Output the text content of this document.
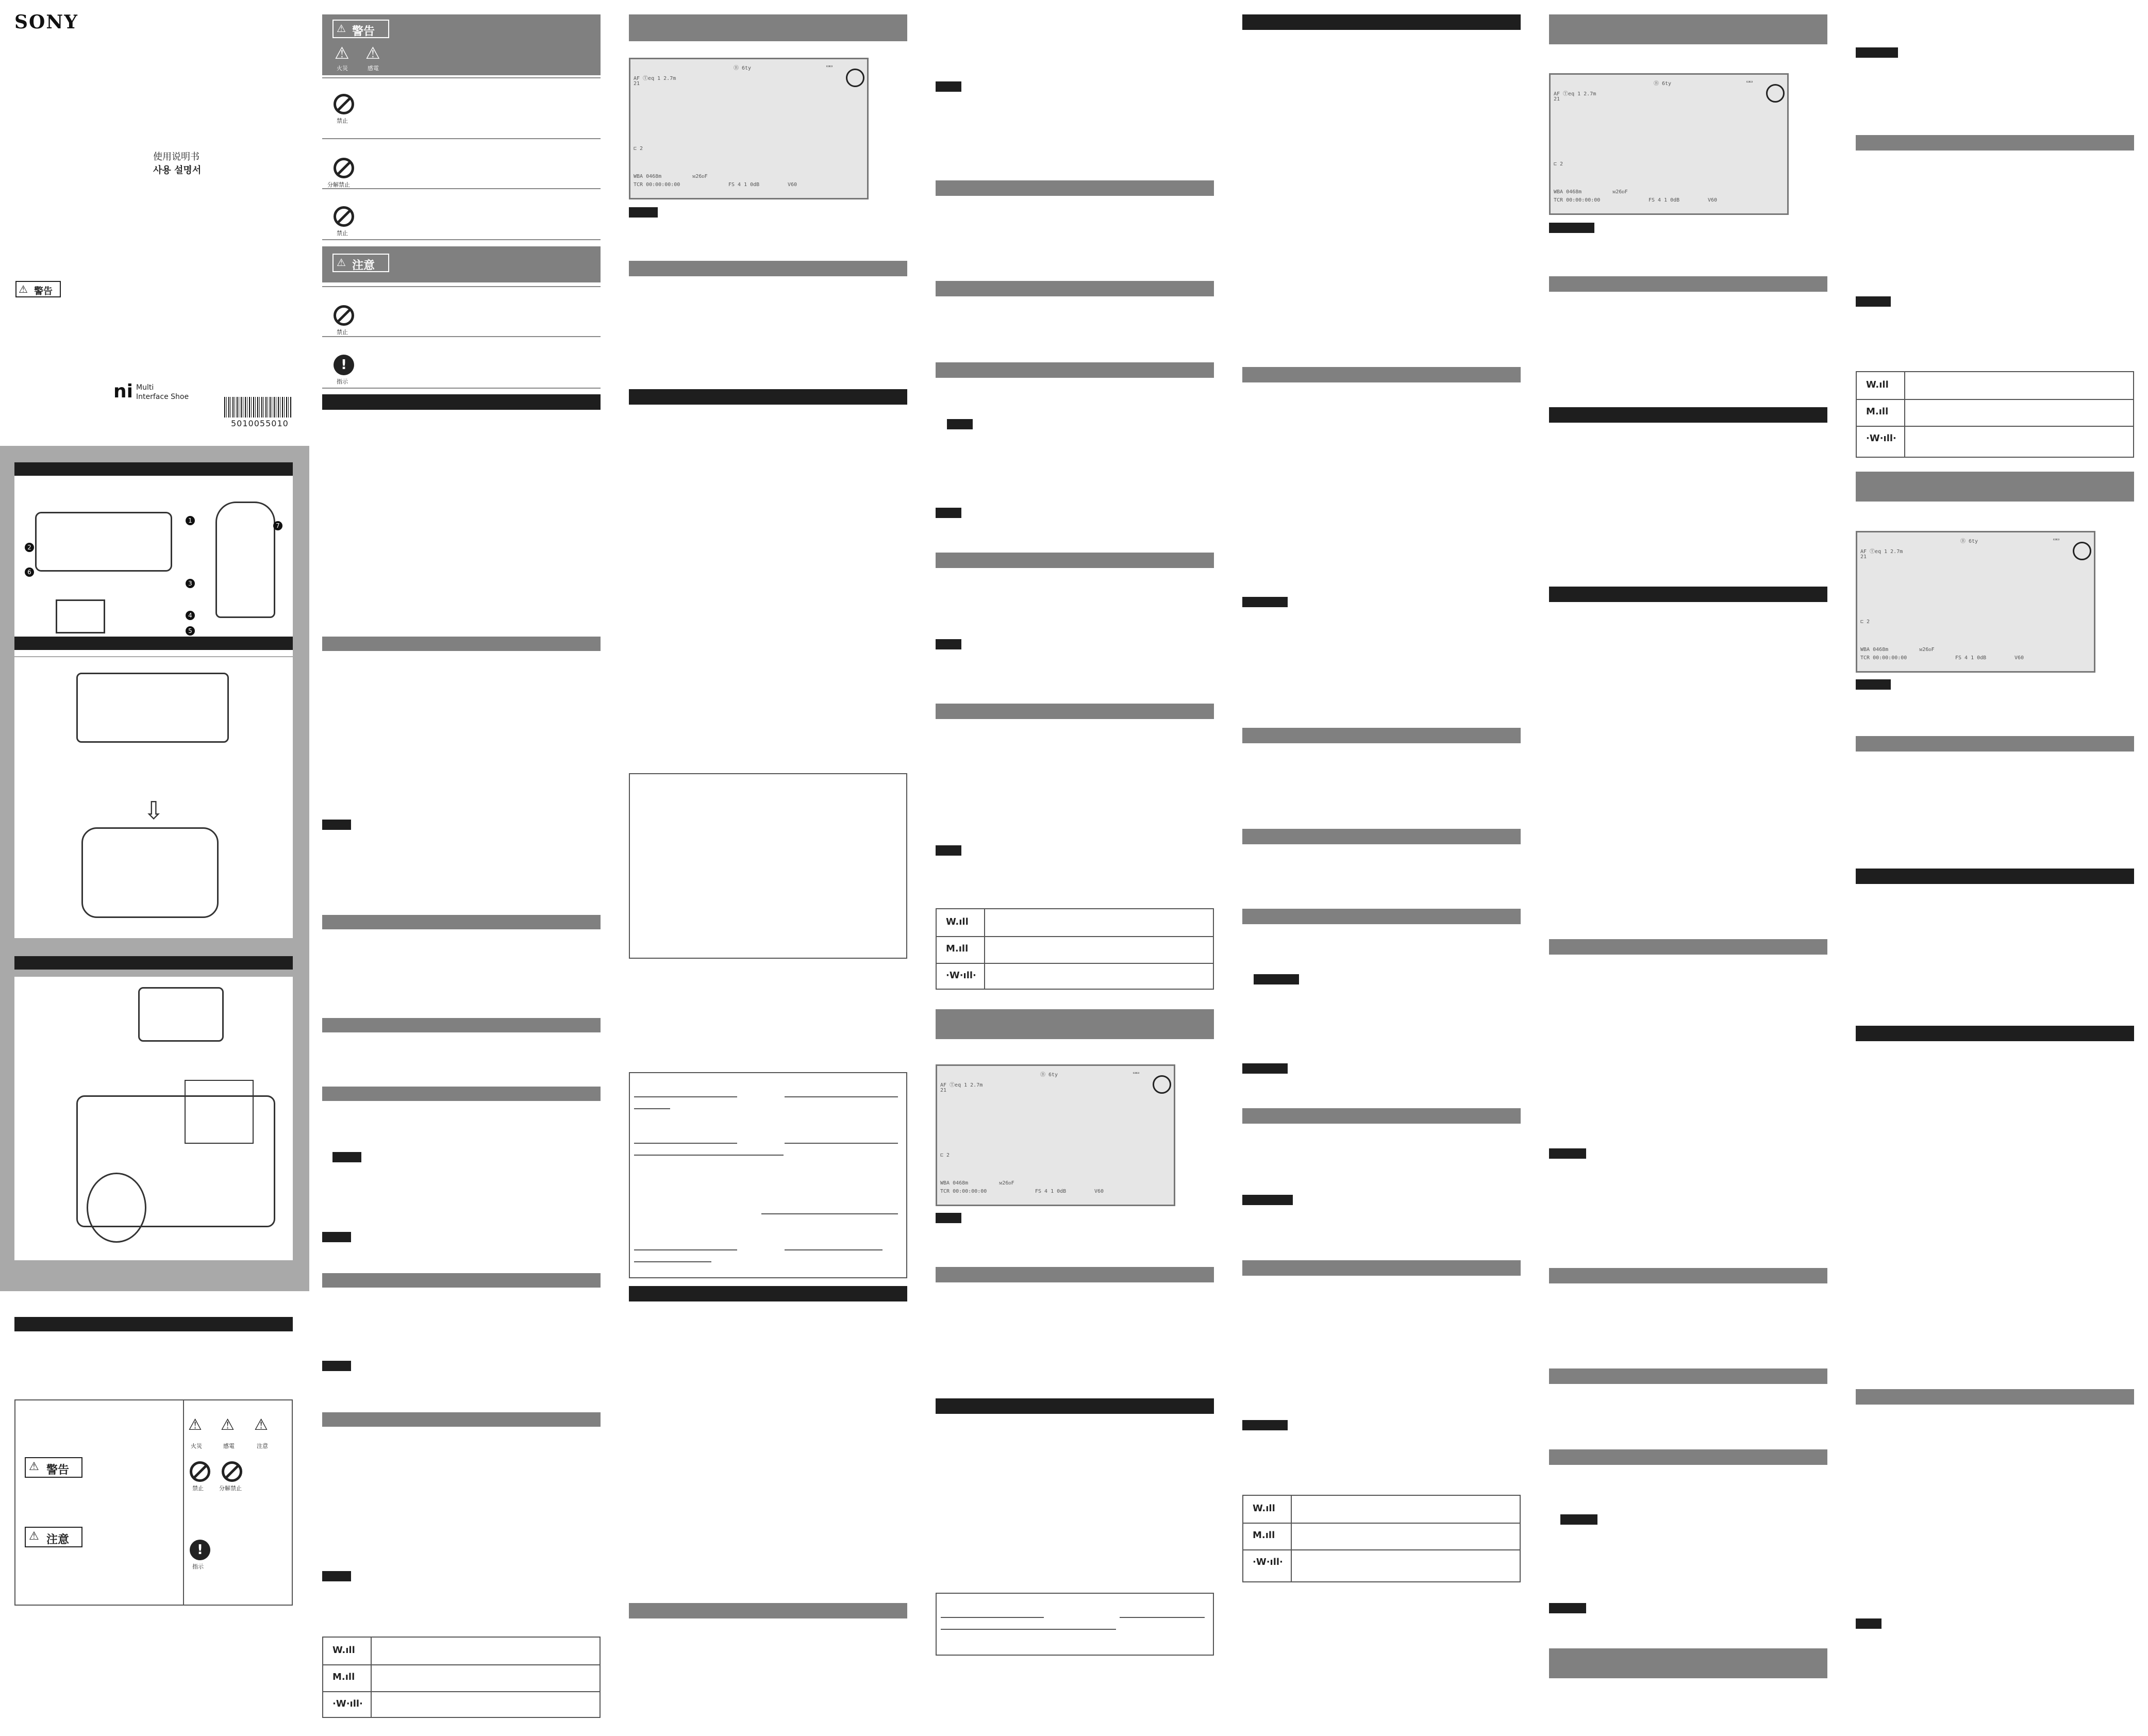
SONY
使用说明书
사용 설명서
⚠ 警告
ni Multi
Interface Shoe
5010055010
1
2
3
4
5
6
7
⇩
⚠ 警告
⚠ 注意
⚠
火災
⚠
感電
⚠
注意
禁止	分解禁止
!
指示
⚠ 警告
⚠
火災
⚠
感電
禁止
分解禁止
禁止
⚠ 注意
禁止
!
指示
W.ıll
M.ıll
·W·ıll·
AF Ⓣeq 1 2.7m
21
Ⓑ 6ty	▭▭
⊏ 2
WBA 0468m	ᴍ26ᴅF
TCR 00:00:00:00	FS 4 1 0dB	V60
W.ıll
M.ıll
·W·ıll·
AF Ⓣeq 1 2.7m
21
Ⓑ 6ty	▭▭
⊏ 2
WBA 0468m	ᴍ26ᴅF
TCR 00:00:00:00	FS 4 1 0dB	V60
W.ıll
M.ıll
·W·ıll·
AF Ⓣeq 1 2.7m
21
Ⓑ 6ty	▭▭
⊏ 2
WBA 0468m	ᴍ26ᴅF
TCR 00:00:00:00	FS 4 1 0dB	V60
W.ıll
M.ıll
·W·ıll·
AF Ⓣeq 1 2.7m
21
Ⓑ 6ty	▭▭
⊏ 2
WBA 0468m	ᴍ26ᴅF
TCR 00:00:00:00	FS 4 1 0dB	V60
